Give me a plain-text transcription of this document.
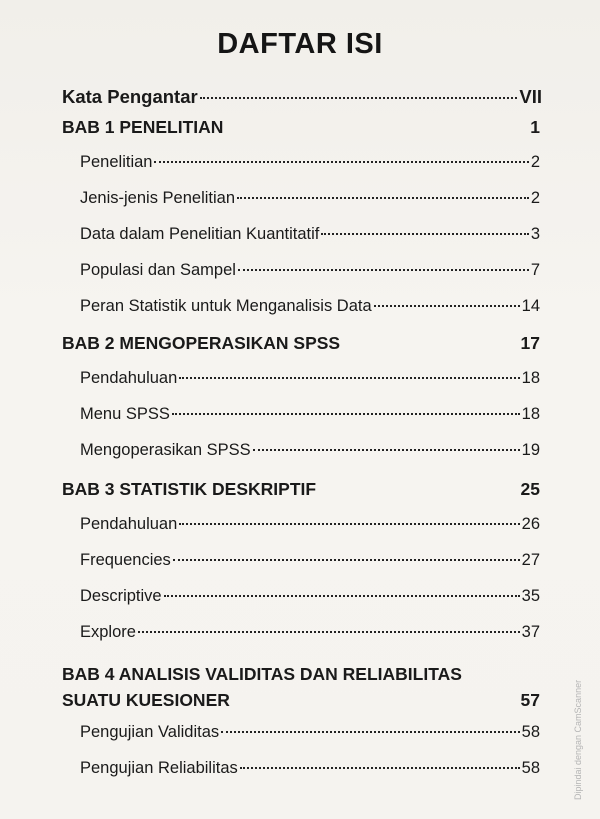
DAFTAR ISI
Kata Pengantar	VII
BAB 1 PENELITIAN	1
Penelitian	2
Jenis-jenis Penelitian	2
Data dalam Penelitian Kuantitatif	3
Populasi dan Sampel	7
Peran Statistik untuk Menganalisis Data	14
BAB 2 MENGOPERASIKAN SPSS	17
Pendahuluan	18
Menu SPSS	18
Mengoperasikan SPSS	19
BAB 3 STATISTIK DESKRIPTIF	25
Pendahuluan	26
Frequencies	27
Descriptive	35
Explore	37
BAB 4 ANALISIS VALIDITAS DAN RELIABILITAS
SUATU KUESIONER	57
Pengujian Validitas	58
Pengujian Reliabilitas	58	Dipindai dengan CamScanner
